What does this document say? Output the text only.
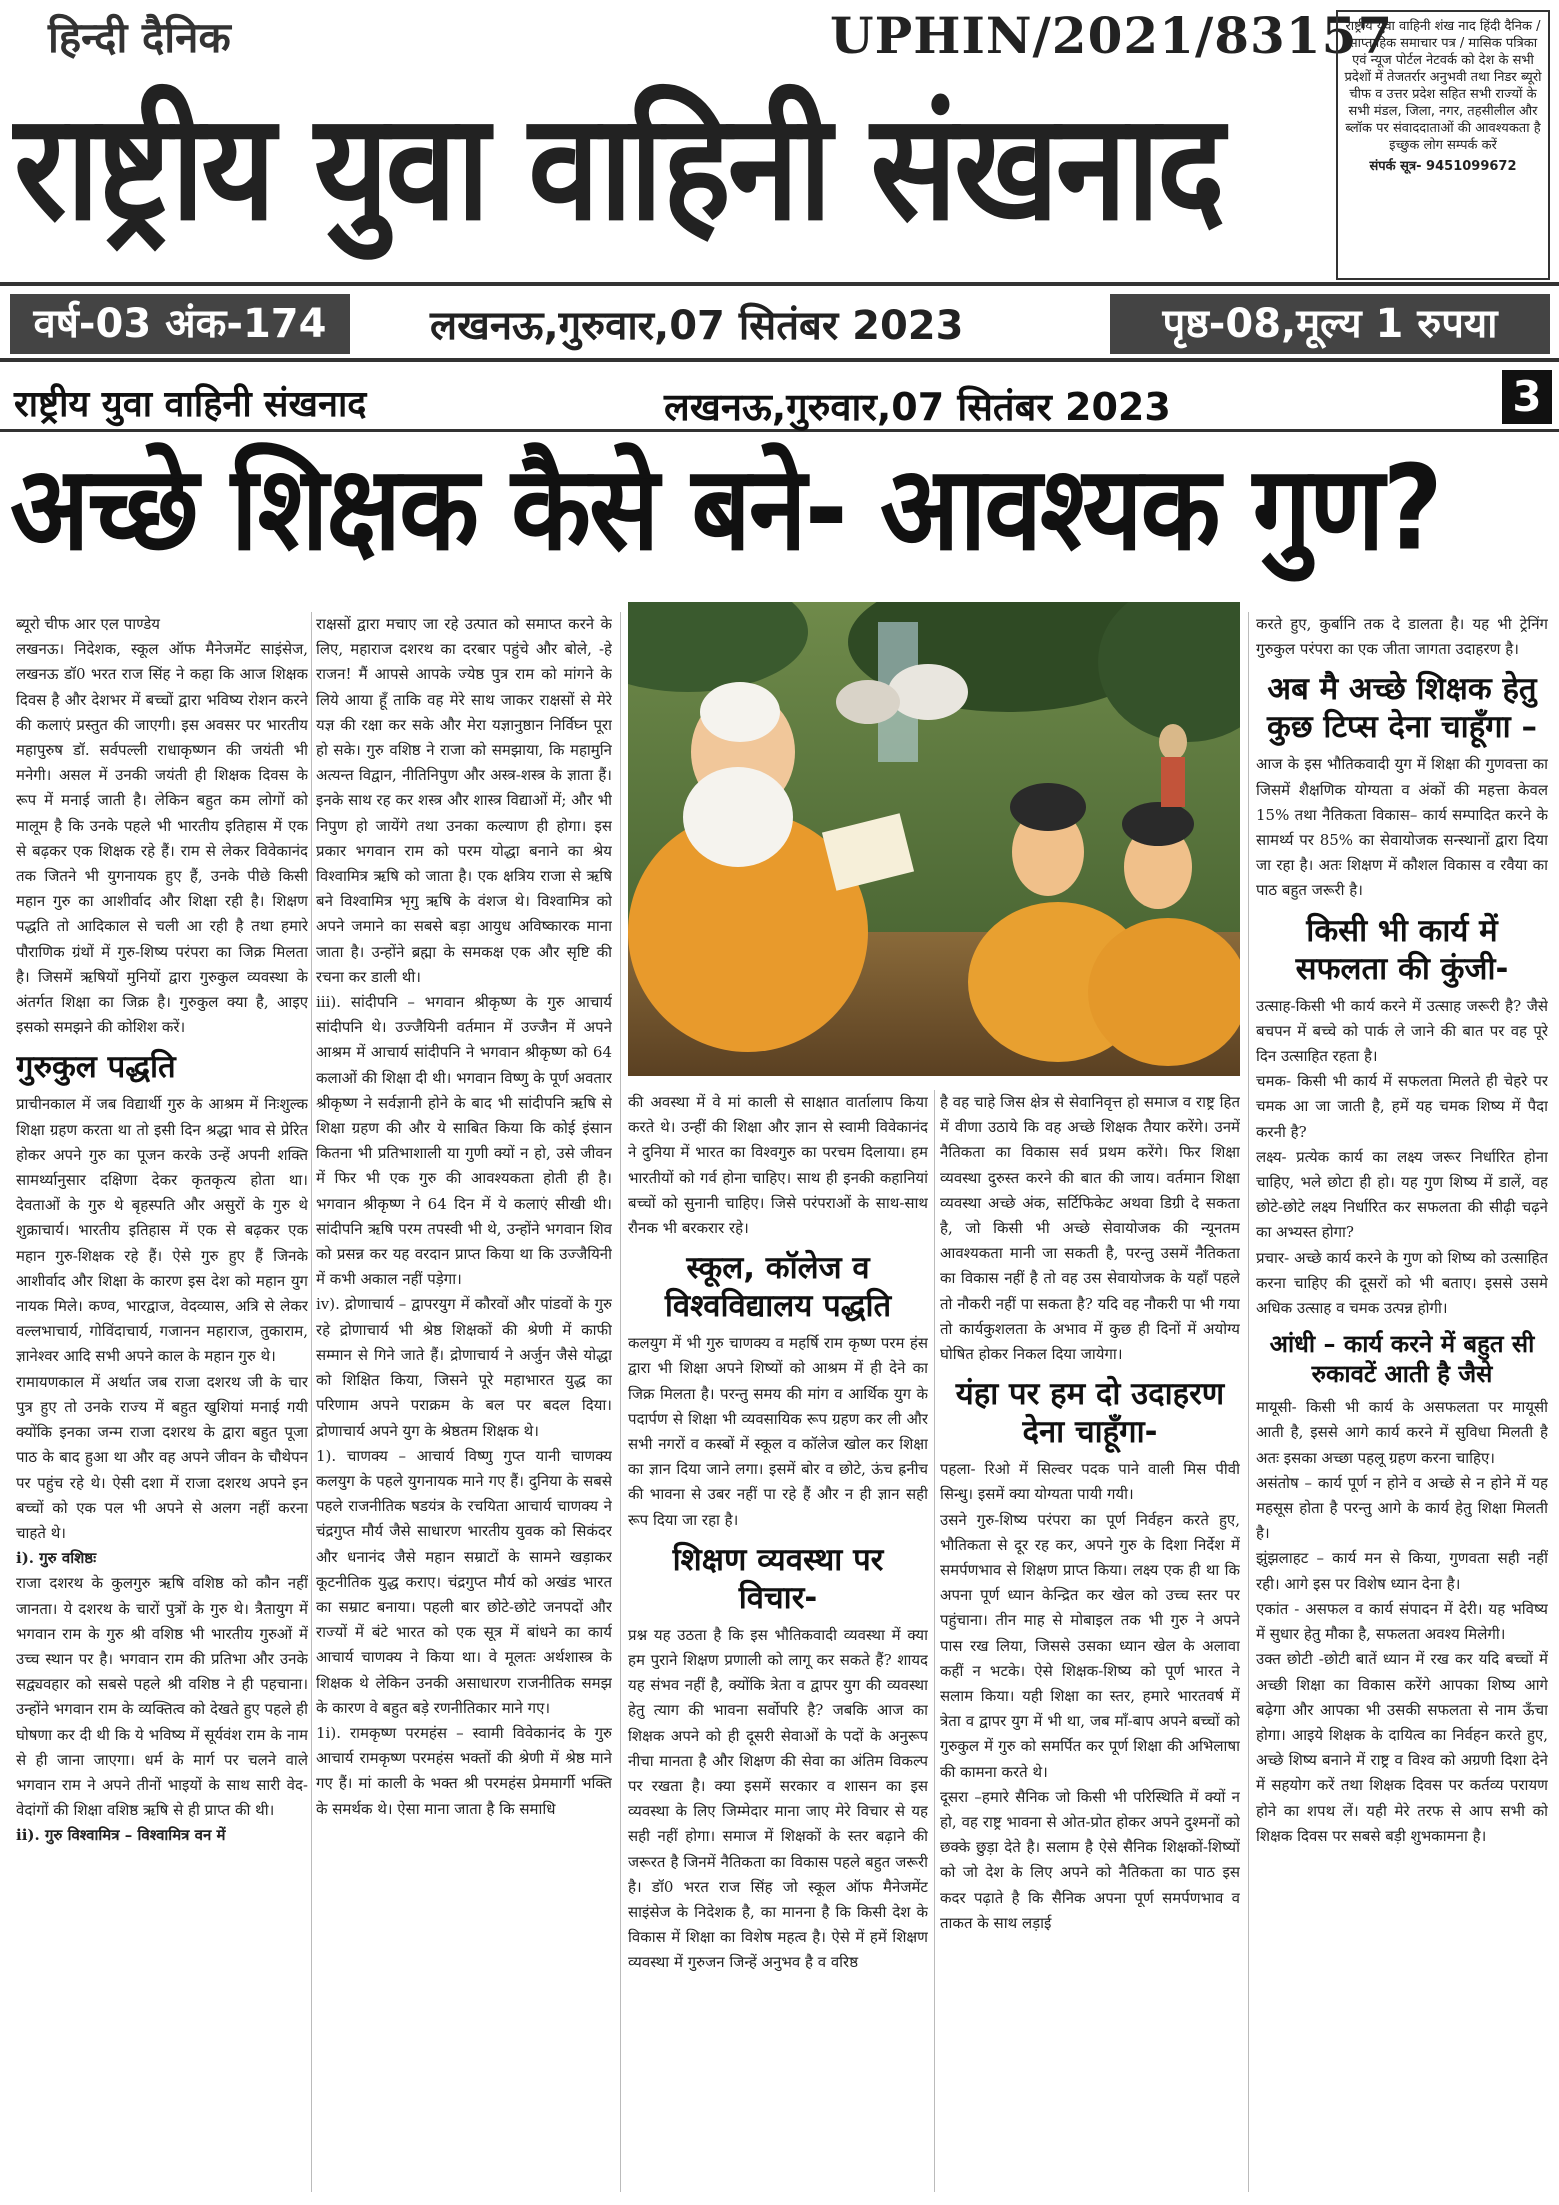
हिन्दी दैनिक	UPHIN/2021/83157
राष्ट्रीय युवा वाहिनी संखनाद
राष्ट्रीय युवा वाहिनी शंख नाद हिंदी दैनिक / साप्ताहिक समाचार पत्र / मासिक पत्रिका एवं न्यूज पोर्टल नेटवर्क को देश के सभी प्रदेशों में तेजतर्रार अनुभवी तथा निडर ब्यूरो चीफ व उत्तर प्रदेश सहित सभी राज्यों के सभी मंडल, जिला, नगर, तहसीलील और ब्लॉक पर संवाददाताओं की आवश्यकता है इच्छुक लोग सम्पर्क करें
संपर्क सूत्र- 9451099672
वर्ष-03 अंक-174	लखनऊ,गुरुवार,07 सितंबर 2023	पृष्ठ-08,मूल्य 1 रुपया
राष्ट्रीय युवा वाहिनी संखनाद	लखनऊ,गुरुवार,07 सितंबर 2023	3
अच्छे शिक्षक कैसे बने- आवश्यक गुण?

ब्यूरो चीफ आर एल पाण्डेय

लखनऊ। निदेशक, स्कूल ऑफ मैनेजमेंट साइंसेज, लखनऊ डॉ0 भरत राज सिंह ने कहा कि आज शिक्षक दिवस है और देशभर में बच्चों द्वारा भविष्य रोशन करने की कलाएं प्रस्तुत की जाएगी। इस अवसर पर भारतीय महापुरुष डॉ. सर्वपल्ली राधाकृष्णन की जयंती भी मनेगी। असल में उनकी जयंती ही शिक्षक दिवस के रूप में मनाई जाती है। लेकिन बहुत कम लोगों को मालूम है कि उनके पहले भी भारतीय इतिहास में एक से बढ़कर एक शिक्षक रहे हैं। राम से लेकर विवेकानंद तक जितने भी युगनायक हुए हैं, उनके पीछे किसी महान गुरु का आशीर्वाद और शिक्षा रही है। शिक्षण पद्धति तो आदिकाल से चली आ रही है तथा हमारे पौराणिक ग्रंथों में गुरु-शिष्य परंपरा का जिक्र मिलता है। जिसमें ऋषियों मुनियों द्वारा गुरुकुल व्यवस्था के अंतर्गत शिक्षा का जिक्र है। गुरुकुल क्या है, आइए इसको समझने की कोशिश करें।

गुरुकुल पद्धति

प्राचीनकाल में जब विद्यार्थी गुरु के आश्रम में निःशुल्क शिक्षा ग्रहण करता था तो इसी दिन श्रद्धा भाव से प्रेरित होकर अपने गुरु का पूजन करके उन्हें अपनी शक्ति सामर्थ्यानुसार दक्षिणा देकर कृतकृत्य होता था। देवताओं के गुरु थे बृहस्पति और असुरों के गुरु थे शुक्राचार्य। भारतीय इतिहास में एक से बढ़कर एक महान गुरु-शिक्षक रहे हैं। ऐसे गुरु हुए हैं जिनके आशीर्वाद और शिक्षा के कारण इस देश को महान युग नायक मिले। कण्व, भारद्वाज, वेदव्यास, अत्रि से लेकर वल्लभाचार्य, गोविंदाचार्य, गजानन महाराज, तुकाराम, ज्ञानेश्वर आदि सभी अपने काल के महान गुरु थे।

रामायणकाल में अर्थात जब राजा दशरथ जी के चार पुत्र हुए तो उनके राज्य में बहुत खुशियां मनाई गयी क्योंकि इनका जन्म राजा दशरथ के द्वारा बहुत पूजा पाठ के बाद हुआ था और वह अपने जीवन के चौथेपन पर पहुंच रहे थे। ऐसी दशा में राजा दशरथ अपने इन बच्चों को एक पल भी अपने से अलग नहीं करना चाहते थे।

i). गुरु वशिष्ठः

राजा दशरथ के कुलगुरु ऋषि वशिष्ठ को कौन नहीं जानता। ये दशरथ के चारों पुत्रों के गुरु थे। त्रैतायुग में भगवान राम के गुरु श्री वशिष्ठ भी भारतीय गुरुओं में उच्च स्थान पर है। भगवान राम की प्रतिभा और उनके सद्व्यवहार को सबसे पहले श्री वशिष्ठ ने ही पहचाना। उन्होंने भगवान राम के व्यक्तित्व को देखते हुए पहले ही घोषणा कर दी थी कि ये भविष्य में सूर्यवंश राम के नाम से ही जाना जाएगा। धर्म के मार्ग पर चलने वाले भगवान राम ने अपने तीनों भाइयों के साथ सारी वेद-वेदांगों की शिक्षा वशिष्ठ ऋषि से ही प्राप्त की थी।

ii). गुरु विश्वामित्र – विश्वामित्र वन में

राक्षसों द्वारा मचाए जा रहे उत्पात को समाप्त करने के लिए, महाराज दशरथ का दरबार पहुंचे और बोले, -हे राजन! मैं आपसे आपके ज्येष्ठ पुत्र राम को मांगने के लिये आया हूँ ताकि वह मेरे साथ जाकर राक्षसों से मेरे यज्ञ की रक्षा कर सके और मेरा यज्ञानुष्ठान निर्विघ्न पूरा हो सके। गुरु वशिष्ठ ने राजा को समझाया, कि महामुनि अत्यन्त विद्वान, नीतिनिपुण और अस्त्र-शस्त्र के ज्ञाता हैं। इनके साथ रह कर शस्त्र और शास्त्र विद्याओं में; और भी निपुण हो जायेंगे तथा उनका कल्याण ही होगा। इस प्रकार भगवान राम को परम योद्धा बनाने का श्रेय विश्वामित्र ऋषि को जाता है। एक क्षत्रिय राजा से ऋषि बने विश्वामित्र भृगु ऋषि के वंशज थे। विश्वामित्र को अपने जमाने का सबसे बड़ा आयुध अविष्कारक माना जाता है। उन्होंने ब्रह्मा के समकक्ष एक और सृष्टि की रचना कर डाली थी।

iii). सांदीपनि – भगवान श्रीकृष्ण के गुरु आचार्य सांदीपनि थे। उज्जैयिनी वर्तमान में उज्जैन में अपने आश्रम में आचार्य सांदीपनि ने भगवान श्रीकृष्ण को 64 कलाओं की शिक्षा दी थी। भगवान विष्णु के पूर्ण अवतार श्रीकृष्ण ने सर्वज्ञानी होने के बाद भी सांदीपनि ऋषि से शिक्षा ग्रहण की और ये साबित किया कि कोई इंसान कितना भी प्रतिभाशाली या गुणी क्यों न हो, उसे जीवन में फिर भी एक गुरु की आवश्यकता होती ही है। भगवान श्रीकृष्ण ने 64 दिन में ये कलाएं सीखी थी। सांदीपनि ऋषि परम तपस्वी भी थे, उन्होंने भगवान शिव को प्रसन्न कर यह वरदान प्राप्त किया था कि उज्जैयिनी में कभी अकाल नहीं पड़ेगा।

iv). द्रोणाचार्य – द्वापरयुग में कौरवों और पांडवों के गुरु रहे द्रोणाचार्य भी श्रेष्ठ शिक्षकों की श्रेणी में काफी सम्मान से गिने जाते हैं। द्रोणाचार्य ने अर्जुन जैसे योद्धा को शिक्षित किया, जिसने पूरे महाभारत युद्ध का परिणाम अपने पराक्रम के बल पर बदल दिया। द्रोणाचार्य अपने युग के श्रेष्ठतम शिक्षक थे।

1). चाणक्य – आचार्य विष्णु गुप्त यानी चाणक्य कलयुग के पहले युगनायक माने गए हैं। दुनिया के सबसे पहले राजनीतिक षडयंत्र के रचयिता आचार्य चाणक्य ने चंद्रगुप्त मौर्य जैसे साधारण भारतीय युवक को सिकंदर और धनानंद जैसे महान सम्राटों के सामने खड़ाकर कूटनीतिक युद्ध कराए। चंद्रगुप्त मौर्य को अखंड भारत का सम्राट बनाया। पहली बार छोटे-छोटे जनपदों और राज्यों में बंटे भारत को एक सूत्र में बांधने का कार्य आचार्य चाणक्य ने किया था। वे मूलतः अर्थशास्त्र के शिक्षक थे लेकिन उनकी असाधारण राजनीतिक समझ के कारण वे बहुत बड़े रणनीतिकार माने गए।

1i). रामकृष्ण परमहंस – स्वामी विवेकानंद के गुरु आचार्य रामकृष्ण परमहंस भक्तों की श्रेणी में श्रेष्ठ माने गए हैं। मां काली के भक्त श्री परमहंस प्रेममार्गी भक्ति के समर्थक थे। ऐसा माना जाता है कि समाधि

की अवस्था में वे मां काली से साक्षात वार्तालाप किया करते थे। उन्हीं की शिक्षा और ज्ञान से स्वामी विवेकानंद ने दुनिया में भारत का विश्वगुरु का परचम दिलाया। हम भारतीयों को गर्व होना चाहिए। साथ ही इनकी कहानियां बच्चों को सुनानी चाहिए। जिसे परंपराओं के साथ-साथ रौनक भी बरकरार रहे।

स्कूल, कॉलेज व विश्वविद्यालय पद्धति

कलयुग में भी गुरु चाणक्य व महर्षि राम कृष्ण परम हंस द्वारा भी शिक्षा अपने शिष्यों को आश्रम में ही देने का जिक्र मिलता है। परन्तु समय की मांग व आर्थिक युग के पदार्पण से शिक्षा भी व्यवसायिक रूप ग्रहण कर ली और सभी नगरों व कस्बों में स्कूल व कॉलेज खोल कर शिक्षा का ज्ञान दिया जाने लगा। इसमें बोर व छोटे, ऊंच ह्रनीच की भावना से उबर नहीं पा रहे हैं और न ही ज्ञान सही रूप दिया जा रहा है।

शिक्षण व्यवस्था पर विचार-

प्रश्न यह उठता है कि इस भौतिकवादी व्यवस्था में क्या हम पुराने शिक्षण प्रणाली को लागू कर सकते हैं? शायद यह संभव नहीं है, क्योंकि त्रेता व द्वापर युग की व्यवस्था हेतु त्याग की भावना सर्वोपरि है? जबकि आज का शिक्षक अपने को ही दूसरी सेवाओं के पदों के अनुरूप नीचा मानता है और शिक्षण की सेवा का अंतिम विकल्प पर रखता है। क्या इसमें सरकार व शासन का इस व्यवस्था के लिए जिम्मेदार माना जाए मेरे विचार से यह सही नहीं होगा। समाज में शिक्षकों के स्तर बढ़ाने की जरूरत है जिनमें नैतिकता का विकास पहले बहुत जरूरी है। डॉ0 भरत राज सिंह जो स्कूल ऑफ मैनेजमेंट साइंसेज के निदेशक है, का मानना है कि किसी देश के विकास में शिक्षा का विशेष महत्व है। ऐसे में हमें शिक्षण व्यवस्था में गुरुजन जिन्हें अनुभव है व वरिष्ठ

है वह चाहे जिस क्षेत्र से सेवानिवृत्त हो समाज व राष्ट्र हित में वीणा उठाये कि वह अच्छे शिक्षक तैयार करेंगे। उनमें नैतिकता का विकास सर्व प्रथम करेंगे। फिर शिक्षा व्यवस्था दुरुस्त करने की बात की जाय। वर्तमान शिक्षा व्यवस्था अच्छे अंक, सर्टिफिकेट अथवा डिग्री दे सकता है, जो किसी भी अच्छे सेवायोजक की न्यूनतम आवश्यकता मानी जा सकती है, परन्तु उसमें नैतिकता का विकास नहीं है तो वह उस सेवायोजक के यहाँ पहले तो नौकरी नहीं पा सकता है? यदि वह नौकरी पा भी गया तो कार्यकुशलता के अभाव में कुछ ही दिनों में अयोग्य घोषित होकर निकल दिया जायेगा।

यंहा पर हम दो उदाहरण देना चाहूँगा-

पहला- रिओ में सिल्वर पदक पाने वाली मिस पीवी सिन्धु। इसमें क्या योग्यता पायी गयी।

उसने गुरु-शिष्य परंपरा का पूर्ण निर्वहन करते हुए, भौतिकता से दूर रह कर, अपने गुरु के दिशा निर्देश में समर्पणभाव से शिक्षण प्राप्त किया। लक्ष्य एक ही था कि अपना पूर्ण ध्यान केन्द्रित कर खेल को उच्च स्तर पर पहुंचाना। तीन माह से मोबाइल तक भी गुरु ने अपने पास रख लिया, जिससे उसका ध्यान खेल के अलावा कहीं न भटके। ऐसे शिक्षक-शिष्य को पूर्ण भारत ने सलाम किया। यही शिक्षा का स्तर, हमारे भारतवर्ष में त्रेता व द्वापर युग में भी था, जब माँ-बाप अपने बच्चों को गुरुकुल में गुरु को समर्पित कर पूर्ण शिक्षा की अभिलाषा की कामना करते थे।

दूसरा –हमारे सैनिक जो किसी भी परिस्थिति में क्यों न हो, वह राष्ट्र भावना से ओत-प्रोत होकर अपने दुश्मनों को छक्के छुड़ा देते है। सलाम है ऐसे सैनिक शिक्षकों-शिष्यों को जो देश के लिए अपने को नैतिकता का पाठ इस कदर पढ़ाते है कि सैनिक अपना पूर्ण समर्पणभाव व ताकत के साथ लड़ाई

करते हुए, कुर्बानि तक दे डालता है। यह भी ट्रेनिंग गुरुकुल परंपरा का एक जीता जागता उदाहरण है।

अब मै अच्छे शिक्षक हेतु कुछ टिप्स देना चाहूँगा –

आज के इस भौतिकवादी युग में शिक्षा की गुणवत्ता का जिसमें शैक्षणिक योग्यता व अंकों की महत्ता केवल 15% तथा नैतिकता विकास– कार्य सम्पादित करने के सामर्थ्य पर 85% का सेवायोजक सन्स्थानों द्वारा दिया जा रहा है। अतः शिक्षण में कौशल विकास व रवैया का पाठ बहुत जरूरी है।

किसी भी कार्य में सफलता की कुंजी-

उत्साह-किसी भी कार्य करने में उत्साह जरूरी है? जैसे बचपन में बच्चे को पार्क ले जाने की बात पर वह पूरे दिन उत्साहित रहता है।

चमक- किसी भी कार्य में सफलता मिलते ही चेहरे पर चमक आ जा जाती है, हमें यह चमक शिष्य में पैदा करनी है?

लक्ष्य- प्रत्येक कार्य का लक्ष्य जरूर निर्धारित होना चाहिए, भले छोटा ही हो। यह गुण शिष्य में डालें, वह छोटे-छोटे लक्ष्य निर्धारित कर सफलता की सीढ़ी चढ़ने का अभ्यस्त होगा?

प्रचार- अच्छे कार्य करने के गुण को शिष्य को उत्साहित करना चाहिए की दूसरों को भी बताए। इससे उसमे अधिक उत्साह व चमक उत्पन्न होगी।

आंधी – कार्य करने में बहुत सी रुकावटें आती है जैसे

मायूसी- किसी भी कार्य के असफलता पर मायूसी आती है, इससे आगे कार्य करने में सुविधा मिलती है अतः इसका अच्छा पहलू ग्रहण करना चाहिए।

असंतोष – कार्य पूर्ण न होने व अच्छे से न होने में यह महसूस होता है परन्तु आगे के कार्य हेतु शिक्षा मिलती है।

झुंझलाहट – कार्य मन से किया, गुणवता सही नहीं रही। आगे इस पर विशेष ध्यान देना है।

एकांत - असफल व कार्य संपादन में देरी। यह भविष्य में सुधार हेतु मौका है, सफलता अवश्य मिलेगी।

उक्त छोटी -छोटी बातें ध्यान में रख कर यदि बच्चों में अच्छी शिक्षा का विकास करेंगे आपका शिष्य आगे बढ़ेगा और आपका भी उसकी सफलता से नाम ऊँचा होगा। आइये शिक्षक के दायित्व का निर्वहन करते हुए, अच्छे शिष्य बनाने में राष्ट्र व विश्व को अग्रणी दिशा देने में सहयोग करें तथा शिक्षक दिवस पर कर्तव्य परायण होने का शपथ लें। यही मेरे तरफ से आप सभी को शिक्षक दिवस पर सबसे बड़ी शुभकामना है।
